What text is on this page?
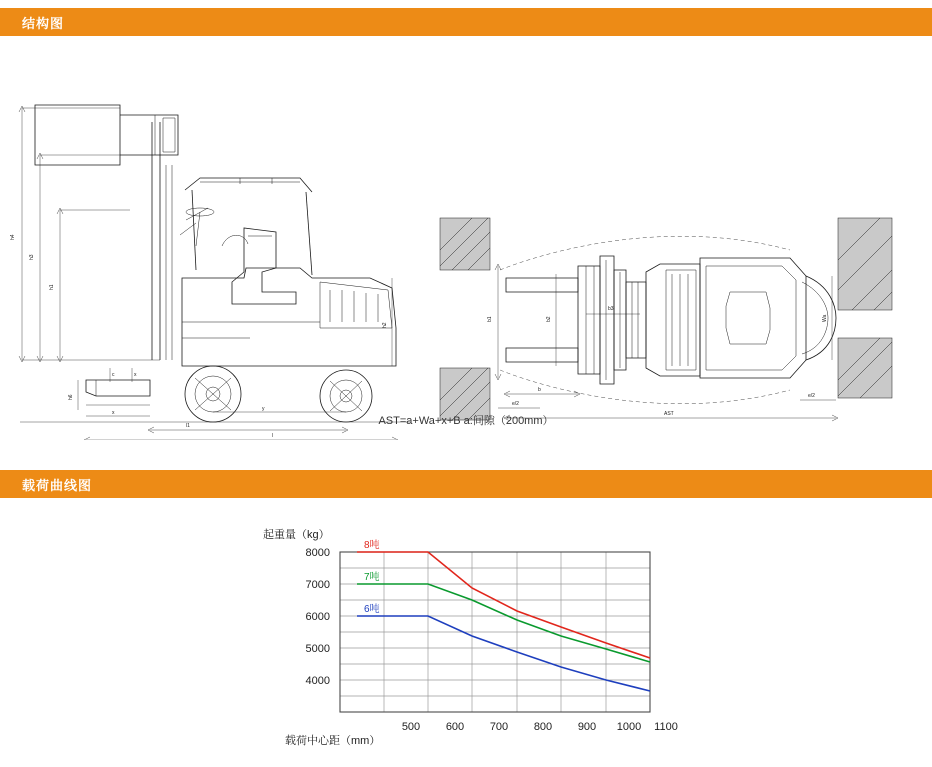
结构图
h4
h3
h1
l
l1
y
x
c	x
h2
h6
b1	b2
b3
Wa
b
e/2
e/2
AST
AST=a+Wa+x+B a:间隙（200mm）
载荷曲线图
起重量（kg）
载荷中心距（mm）
8吨
7吨
6吨
8000
7000
6000
5000
4000
500 600 700 800 900 1000 1100
